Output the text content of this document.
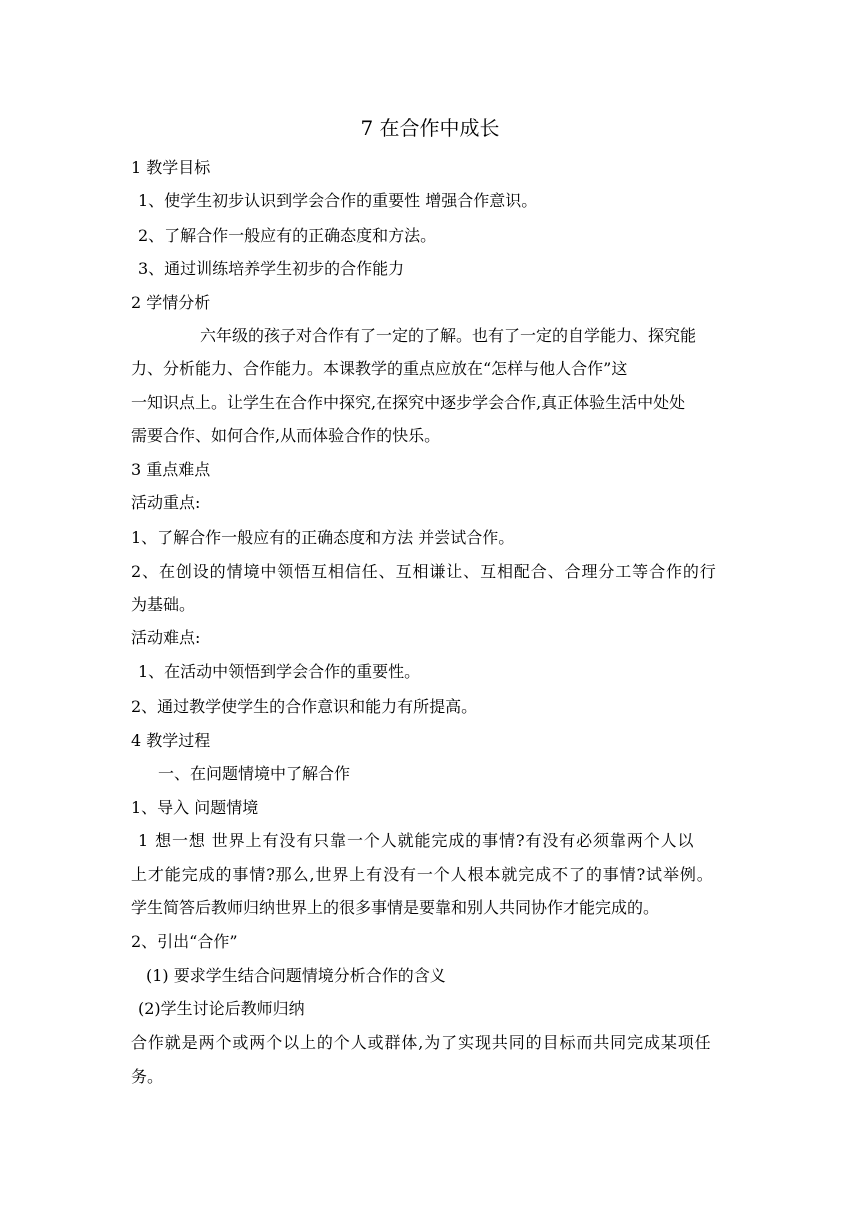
7 在合作中成长
1 教学目标
1、使学生初步认识到学会合作的重要性 增强合作意识。
2、了解合作一般应有的正确态度和方法。
3、通过训练培养学生初步的合作能力
2 学情分析
六年级的孩子对合作有了一定的了解。也有了一定的自学能力、探究能
力、分析能力、合作能力。本课教学的重点应放在“怎样与他人合作”这
一知识点上。让学生在合作中探究,在探究中逐步学会合作,真正体验生活中处处
需要合作、如何合作,从而体验合作的快乐。
3 重点难点
活动重点:
1、了解合作一般应有的正确态度和方法 并尝试合作。
2、在创设的情境中领悟互相信任、互相谦让、互相配合、合理分工等合作的行
为基础。
活动难点:
1、在活动中领悟到学会合作的重要性。
2、通过教学使学生的合作意识和能力有所提高。
4 教学过程
一、在问题情境中了解合作
1、导入 问题情境
1 想一想 世界上有没有只靠一个人就能完成的事情?有没有必须靠两个人以
上才能完成的事情?那么,世界上有没有一个人根本就完成不了的事情?试举例。
学生简答后教师归纳世界上的很多事情是要靠和别人共同协作才能完成的。
2、引出“合作”
(1) 要求学生结合问题情境分析合作的含义
(2)学生讨论后教师归纳
合作就是两个或两个以上的个人或群体,为了实现共同的目标而共同完成某项任
务。
